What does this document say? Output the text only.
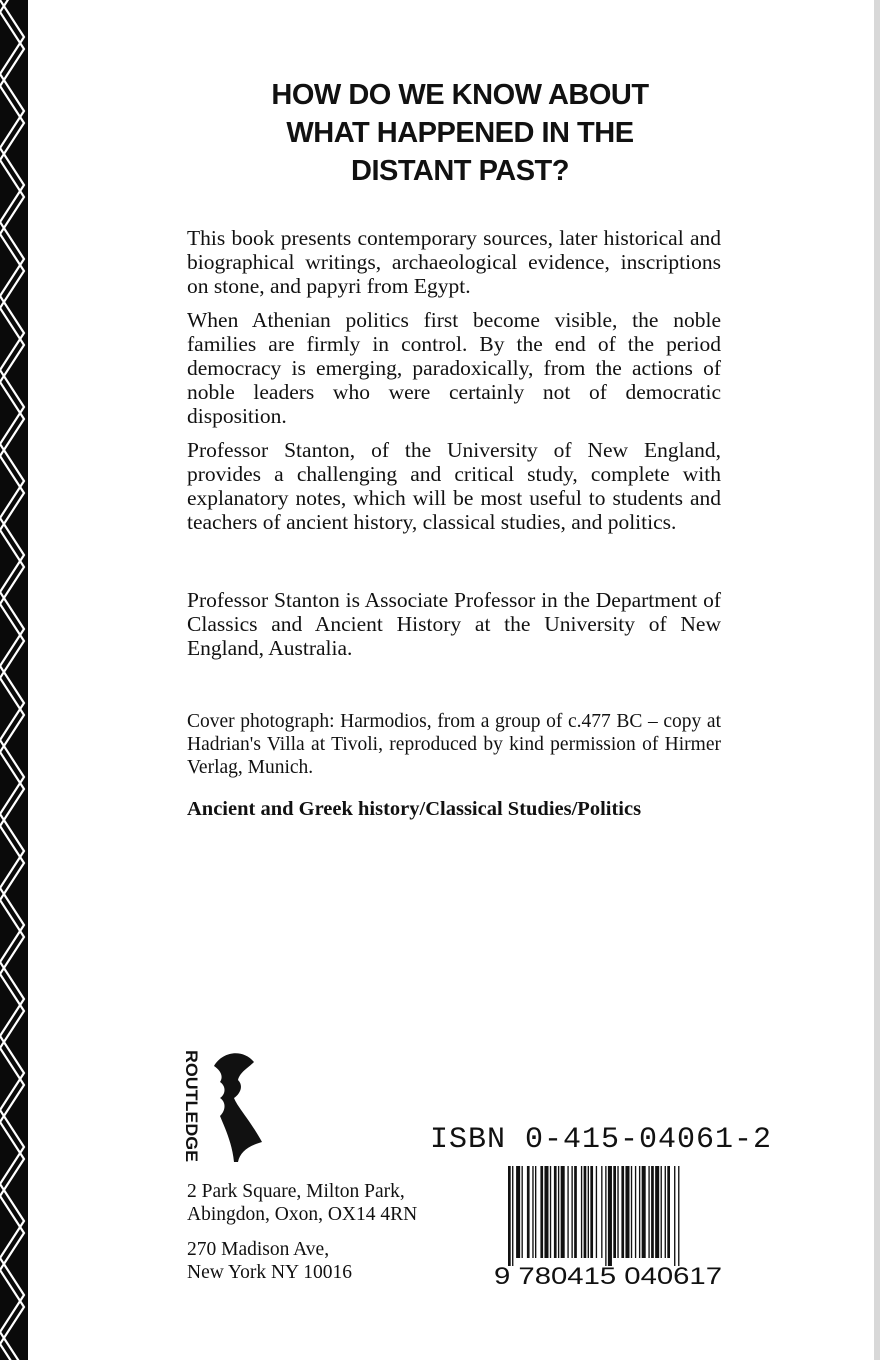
HOW DO WE KNOW ABOUT
WHAT HAPPENED IN THE
DISTANT PAST?

This book presents contemporary sources, later historical and biographical writings, archaeological evidence, inscriptions on stone, and papyri from Egypt.

When Athenian politics first become visible, the noble families are firmly in control. By the end of the period democracy is emerging, paradoxically, from the actions of noble leaders who were certainly not of democratic disposition.

Professor Stanton, of the University of New England, provides a challenging and critical study, complete with explanatory notes, which will be most useful to students and teachers of ancient history, classical studies, and politics.

Professor Stanton is Associate Professor in the Department of Classics and Ancient History at the University of New England, Australia.

Cover photograph: Harmodios, from a group of c.477 BC – copy at Hadrian's Villa at Tivoli, reproduced by kind permission of Hirmer Verlag, Munich.

Ancient and Greek history/Classical Studies/Politics

ROUTLEDGE	ISBN 0-415-04061-2

9 780415 040617

2 Park Square, Milton Park,
Abingdon, Oxon, OX14 4RN

270 Madison Ave,
New York NY 10016
